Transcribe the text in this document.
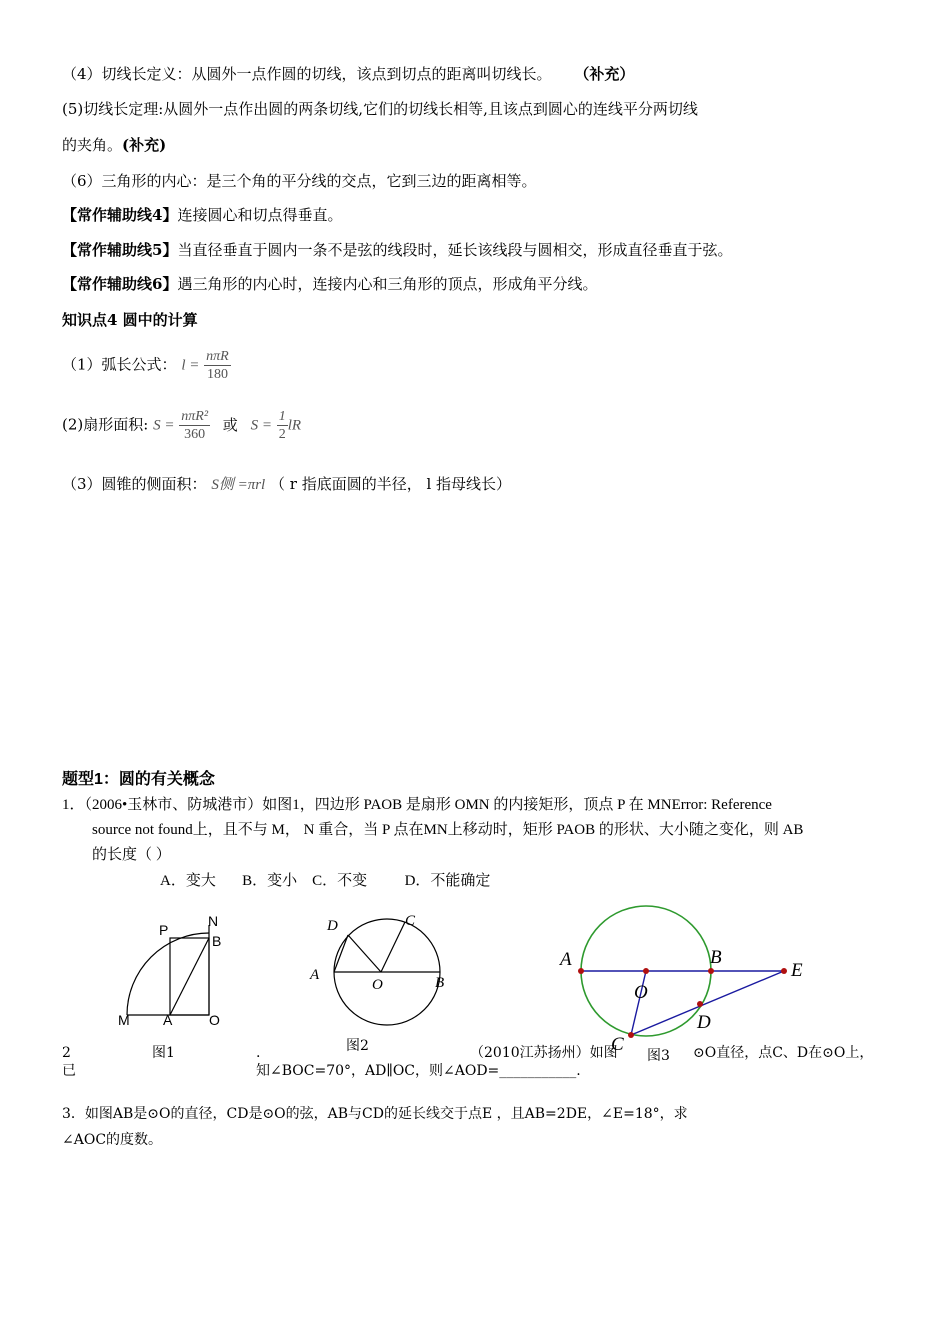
（4）切线长定义：从圆外一点作圆的切线，该点到切点的距离叫切线长。 （补充）
(5)切线长定理:从圆外一点作出圆的两条切线,它们的切线长相等,且该点到圆心的连线平分两切线
的夹角。(补充)
（6）三角形的内心：是三个角的平分线的交点，它到三边的距离相等。
【常作辅助线4】连接圆心和切点得垂直。
【常作辅助线5】当直径垂直于圆内一条不是弦的线段时，延长该线段与圆相交，形成直径垂直于弦。
【常作辅助线6】遇三角形的内心时，连接内心和三角形的顶点，形成角平分线。
知识点4 圆中的计算
（1）弧长公式： $l = \frac{\text{nπR}}{180}$
(2)扇形面积: $S = \frac{\text{nπR²}}{360}$ 或 $S = \frac{1}{2}$ lR
（3）圆锥的侧面积： S侧 =πrl （ r 指底面圆的半径， l 指母线长）
题型1：圆的有关概念
1．（2006•玉林市、防城港市）如图1，四边形 PAOB 是扇形 OMN 的内接矩形，顶点 P 在 MNError: Reference
source not found上，且不与 M， N 重合，当 P 点在MN上移动时，矩形 PAOB 的形状、大小随之变化，则 AB
的长度（ ）
A．变大       B．变小    C．不变          D．不能确定
P
N
B
M A	O
D	C
A
O	B
A	B
E
O
D
C
2
已
图1	.	图2	（2010江苏扬州）如图 图3 ⊙O直径，点C、D在⊙O上，
知∠BOC=70°，AD∥OC，则∠AOD=___________.
3．如图AB是⊙O的直径，CD是⊙O的弦，AB与CD的延长线交于点E ，且AB=2DE，∠E=18°，求
∠AOC的度数。
